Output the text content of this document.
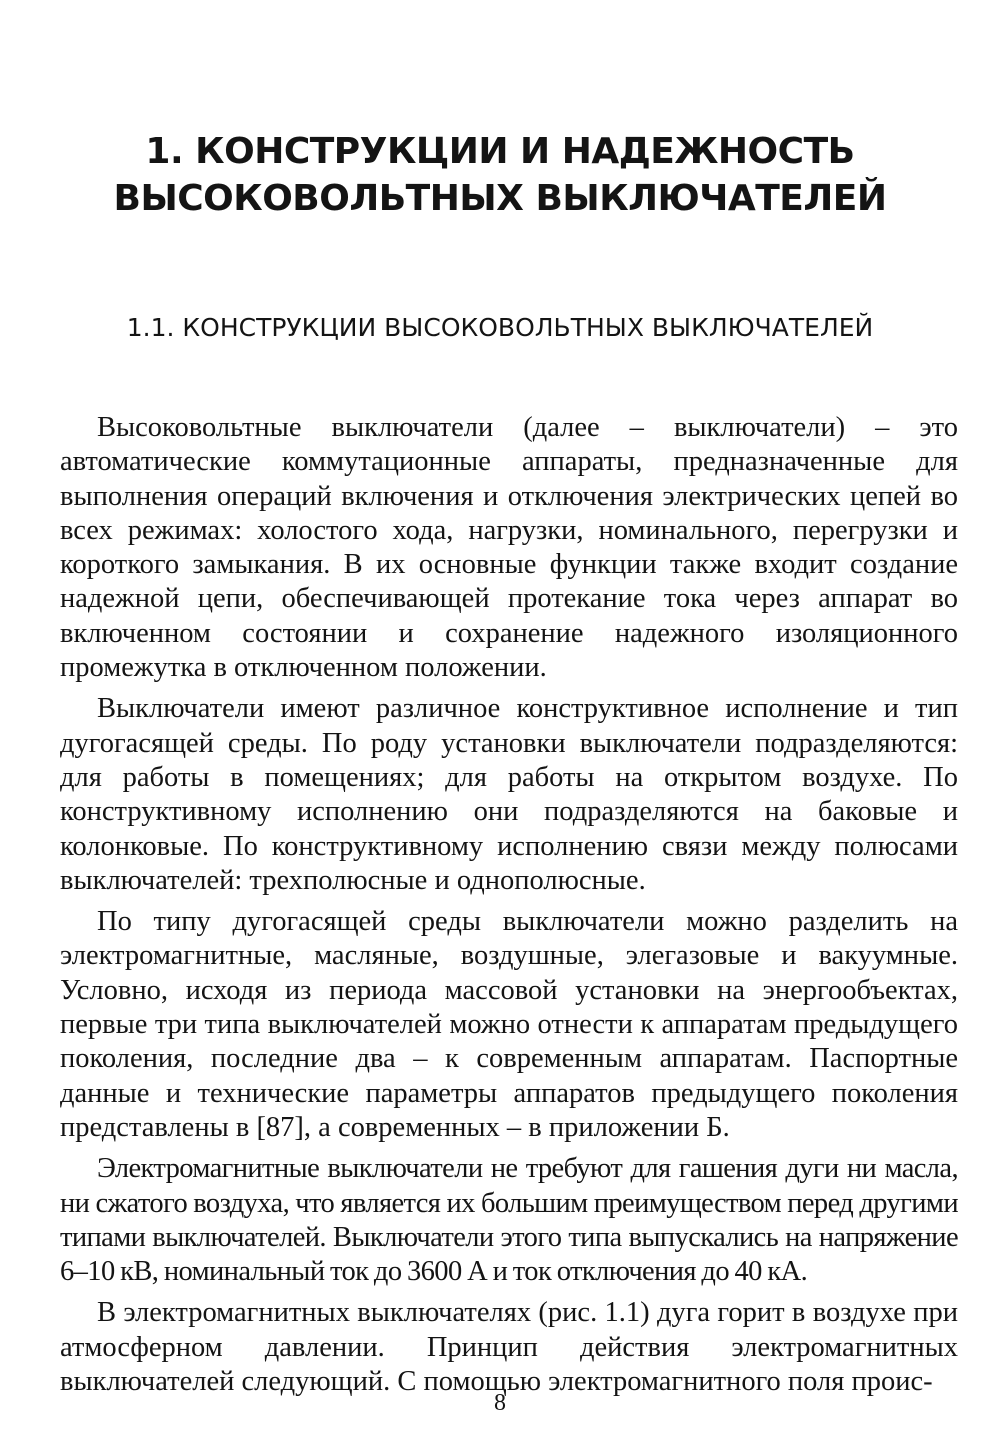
1. КОНСТРУКЦИИ И НАДЕЖНОСТЬ ВЫСОКОВОЛЬТНЫХ ВЫКЛЮЧАТЕЛЕЙ
1.1. КОНСТРУКЦИИ ВЫСОКОВОЛЬТНЫХ ВЫКЛЮЧАТЕЛЕЙ

Высоковольтные выключатели (далее – выключатели) – это автоматические коммутационные аппараты, предназначенные для выполнения операций включения и отключения электрических цепей во всех режимах: холостого хода, нагрузки, номинального, перегрузки и короткого замыкания. В их основные функции также входит создание надежной цепи, обеспечивающей протекание тока через аппарат во включенном состоянии и сохранение надежного изоляционного промежутка в отключенном положении.

Выключатели имеют различное конструктивное исполнение и тип дугогасящей среды. По роду установки выключатели подразделяются: для работы в помещениях; для работы на открытом воздухе. По конструктивному исполнению они подразделяются на баковые и колонковые. По конструктивному исполнению связи между полюсами выключателей: трехполюсные и однополюсные.

По типу дугогасящей среды выключатели можно разделить на электромагнитные, масляные, воздушные, элегазовые и вакуумные. Условно, исходя из периода массовой установки на энергообъектах, первые три типа выключателей можно отнести к аппаратам предыдущего поколения, последние два – к современным аппаратам. Паспортные данные и технические параметры аппаратов предыдущего поколения представлены в [87], а современных – в приложении Б.

Электромагнитные выключатели не требуют для гашения дуги ни масла, ни сжатого воздуха, что является их большим преимуществом перед другими типами выключателей. Выключатели этого типа выпускались на напряжение 6–10 кВ, номинальный ток до 3600 А и ток отключения до 40 кА.

В электромагнитных выключателях (рис. 1.1) дуга горит в воздухе при атмосферном давлении. Принцип действия электромагнитных выключателей следующий. С помощью электромагнитного поля проис-

8
